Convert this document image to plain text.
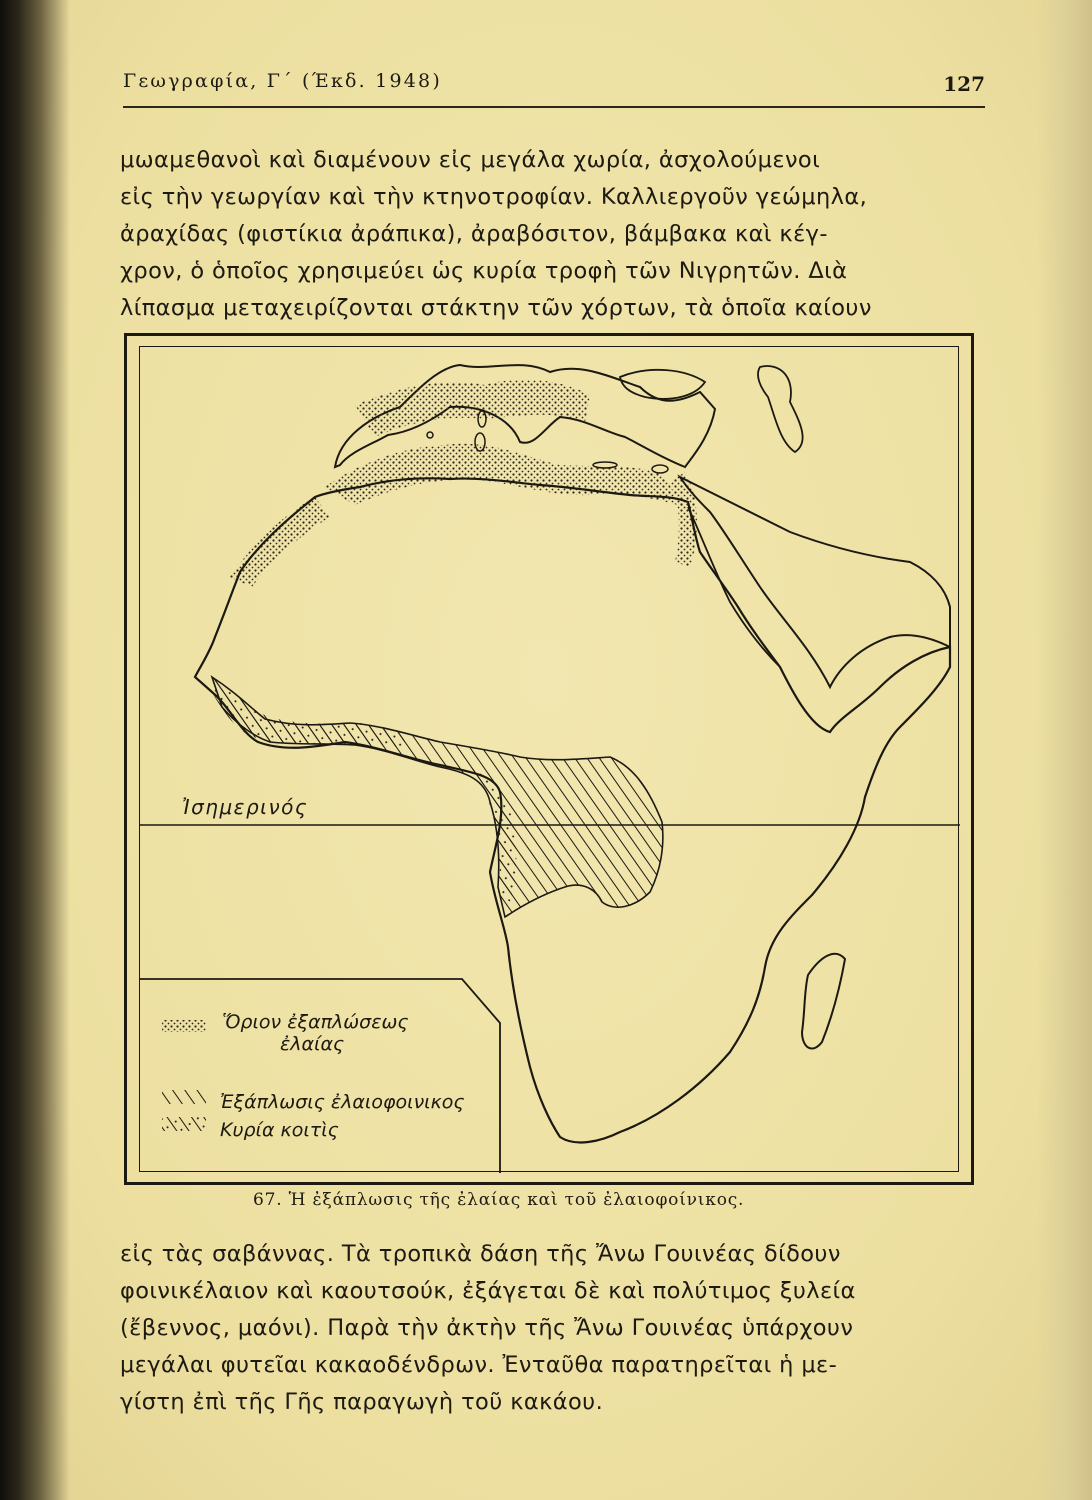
Γεωγραφία, Γ΄ (Έκδ. 1948)	127
μωαμεθανοὶ καὶ διαμένουν εἰς μεγάλα χωρία, ἀσχολούμενοι
εἰς τὴν γεωργίαν καὶ τὴν κτηνοτροφίαν. Καλλιεργοῦν γεώμηλα,
ἀραχίδας (φιστίκια ἀράπικα), ἀραβόσιτον, βάμβακα καὶ κέγ-
χρον, ὁ ὁποῖος χρησιμεύει ὡς κυρία τροφὴ τῶν Νιγρητῶν. Διὰ
λίπασμα μεταχειρίζονται στάκτην τῶν χόρτων, τὰ ὁποῖα καίουν
Ἰσημερινός
Ὅριον ἐξαπλώσεως
ἐλαίας
Ἐξάπλωσις ἐλαιοφοινικος
Κυρία κοιτὶς
67. Ἡ ἐξάπλωσις τῆς ἐλαίας καὶ τοῦ ἐλαιοφοίνικος.
εἰς τὰς σαβάννας. Τὰ τροπικὰ δάση τῆς Ἄνω Γουινέας δίδουν
φοινικέλαιον καὶ καουτσούκ, ἐξάγεται δὲ καὶ πολύτιμος ξυλεία
(ἔβεννος, μαόνι). Παρὰ τὴν ἀκτὴν τῆς Ἄνω Γουινέας ὑπάρχουν
μεγάλαι φυτεῖαι κακαοδένδρων. Ἐνταῦθα παρατηρεῖται ἡ με-
γίστη ἐπὶ τῆς Γῆς παραγωγὴ τοῦ κακάου.
